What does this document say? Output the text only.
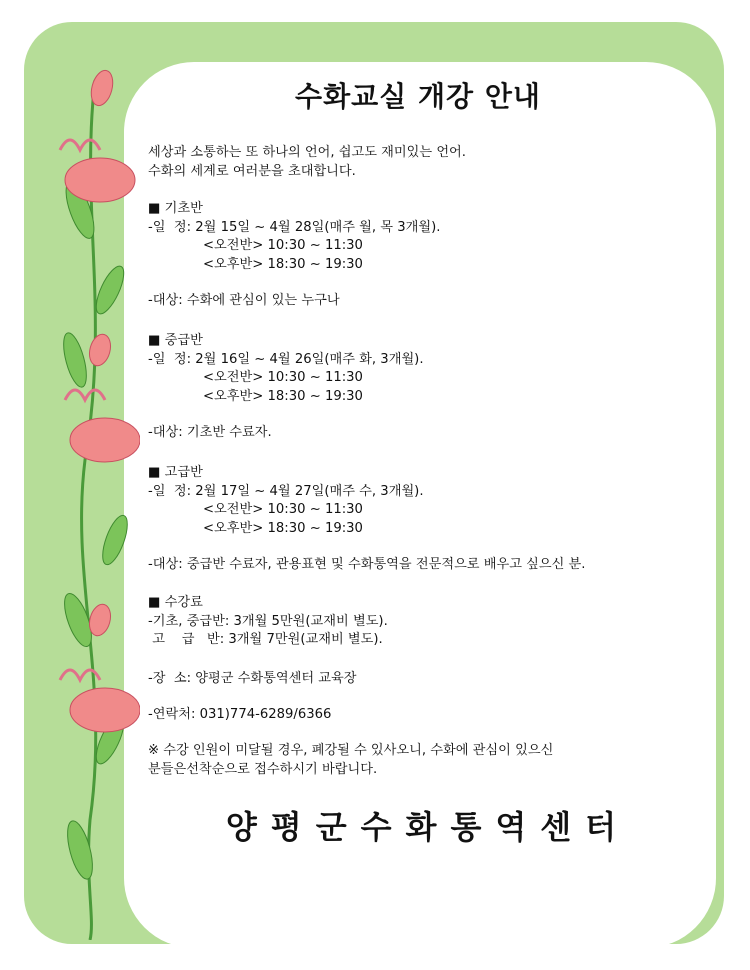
수화교실 개강 안내
세상과 소통하는 또 하나의 언어, 쉽고도 재미있는 언어.
수화의 세계로 여러분을 초대합니다.
■ 기초반
-일  정: 2월 15일 ~ 4월 28일(매주 월, 목 3개월).
<오전반> 10:30 ~ 11:30
<오후반> 18:30 ~ 19:30
-대상: 수화에 관심이 있는 누구나
■ 중급반
-일  정: 2월 16일 ~ 4월 26일(매주 화, 3개월).
<오전반> 10:30 ~ 11:30
<오후반> 18:30 ~ 19:30
-대상: 기초반 수료자.
■ 고급반
-일  정: 2월 17일 ~ 4월 27일(매주 수, 3개월).
<오전반> 10:30 ~ 11:30
<오후반> 18:30 ~ 19:30
-대상: 중급반 수료자, 관용표현 및 수화통역을 전문적으로 배우고 싶으신 분.
■ 수강료
-기초, 중급반: 3개월 5만원(교재비 별도).
고    급   반: 3개월 7만원(교재비 별도).
-장  소: 양평군 수화통역센터 교육장
-연락처: 031)774-6289/6366
※ 수강 인원이 미달될 경우, 폐강될 수 있사오니, 수화에 관심이 있으신
분들은선착순으로 접수하시기 바랍니다.
양평군수화통역센터
